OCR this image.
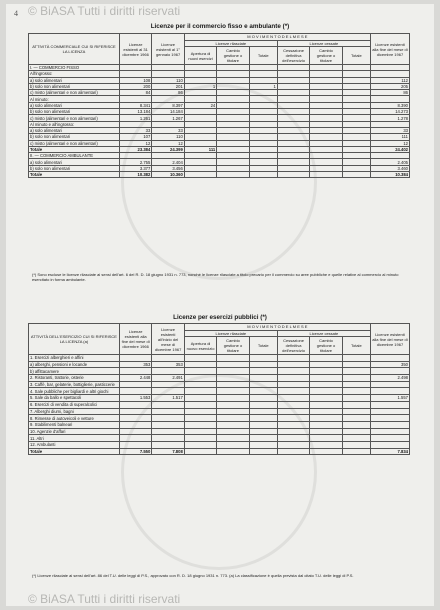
© BiASA Tutti i diritti riservati
© BiASA Tutti i diritti riservati
4
Licenze per il commercio fisso e ambulante (*)
ATTIVITÀ COMMERCIALE CUI SI RIFERISCE LA LICENZA	Licenze esistenti al 31 dicembre 1966	Licenze esistenti al 1° gennaio 1967	M O V I M E N T O D E L M E S E						Licenze esistenti alla fine del mese di dicembre 1967
			Licenze rilasciate			Licenze cessate			
			Apertura di nuovi esercizi	Cambio gestione o titolare	Totale	Cessazione definitiva dell'esercizio	Cambio gestione o titolare	Totale	
I. — COMMERCIO FISSO									
All'ingrosso:									
a) solo alimentari	108	110							112
b) solo non alimentari	200	201	1		1				205
c) misto (alimentari e non alimentari)	84	86							86
Al minuto:									
a) solo alimentari	8.341	8.397	24						8.390
b) solo non alimentari	13.184	14.184							14.273
c) misto (alimentari e non alimentari)	1.261	1.267							1.278
Al minuto e all'ingrosso:									
a) solo alimentari	33	33							33
b) solo non alimentari	107	110							111
c) misto (alimentari e non alimentari)	12	12							12
Totale	23.384	24.399	111						24.402
II. — COMMERCIO AMBULANTE									
a) solo alimentari	2.755	2.404							2.405
b) solo non alimentari	3.377	3.456							3.460
Totale	10.382	10.360							10.384
(*) Sono escluse le licenze rilasciate ai sensi dell'art. 6 del R. D. 18 giugno 1931 n. 773, nonché le licenze rilasciate a titolo precario per il commercio su aree pubbliche e quelle relative al commercio al minuto esercitato in forma ambulante.
Licenze per esercizi pubblici (*)
ATTIVITÀ DELL'ESERCIZIO CUI SI RIFERISCE LA LICENZA (a)	Licenze esistenti alla fine del mese di dicembre 1966	Licenze esistenti all'inizio del mese di dicembre 1967	M O V I M E N T O D E L M E S E						Licenze esistenti alla fine del mese di dicembre 1967
			Licenze rilasciate			Licenze cessate			
			Apertura di nuovo esercizio	Cambio gestione o titolare	Totale	Cessazione definitiva dell'esercizio	Cambio gestione o titolare	Totale	
1. Esercizi alberghieri e affini									
a) alberghi, pensioni e locande	353	353							350
b) affittacamere									
2. Ristoranti, trattorie, osterie	2.448	2.491							2.498
3. Caffè, bar, gelaterie, bottiglierie, pasticcerie									
4. Sale pubbliche per bigliardi e altri giochi									
5. Sale da ballo e spettacoli	1.553	1.517							1.557
6. Esercizi di vendita di superalcolici									
7. Alberghi diurni, bagni									
8. Rimesse di autoveicoli e vetture									
9. Stabilimenti balneari									
10. Agenzie d'affari									
11. Altri									
12. Ambulanti									
Totale	7.550	7.808							7.834
(*) Licenze rilasciate ai sensi dell'art. 86 del T.U. delle leggi di P.S., approvato con R. D. 18 giugno 1931 n. 773. (a) La classificazione è quella prevista dal citato T.U. delle leggi di P.S.
